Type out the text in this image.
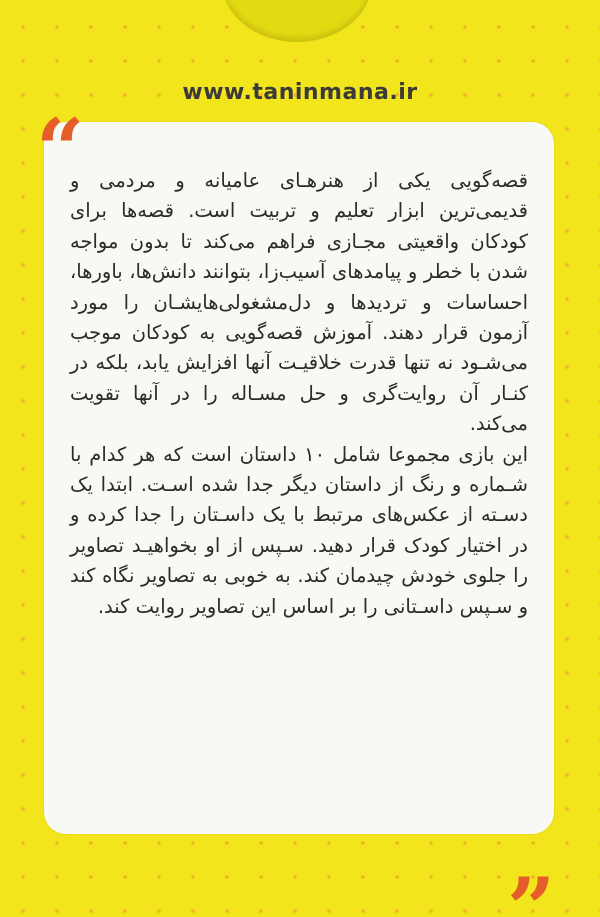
www.taninmana.ir
“

قصه‌گویی یکی از هنرهـای عامیانه و مردمی و قدیمی‌ترین ابزار تعلیم و تربیت است. قصه‌ها برای کودکان واقعیتی مجـازی فراهم می‌کند تا بدون مواجه شدن با خطر و پیامدهای آسیب‌زا، بتوانند دانش‌ها، باورها، احساسات و تردیدها و دل‌مشغولی‌هایشـان را مورد آزمون قرار دهند. آموزش قصه‌گویی به کودکان موجب می‌شـود نه تنها قدرت خلاقیـت آنها افزایش یابد، بلکه در کنـار آن روایت‌گری و حل مسـاله را در آنها تقویت می‌کند.

این بازی مجموعا شامل ۱۰ داستان است که هر کدام با شـماره و رنگ از داستان دیگر جدا شده اسـت. ابتدا یک دسـته از عکس‌های مرتبط با یک داسـتان را جدا کرده و در اختیار کودک قرار دهید. سـپس از او بخواهیـد تصاویر را جلوی خودش چیدمان کند. به خوبی به تصاویر نگاه کند و سـپس داسـتانی را بر اساس این تصاویر روایت کند.

“
